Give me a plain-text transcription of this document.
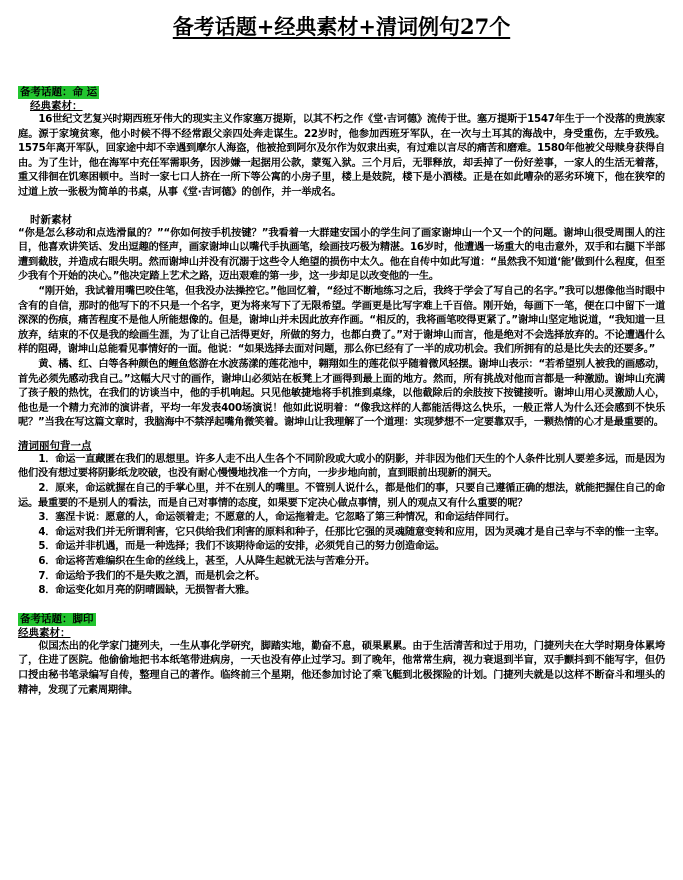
备考话题+经典素材+清词例句27个
备考话题：命 运
经典素材：

16世纪文艺复兴时期西班牙伟大的现实主义作家塞万提斯，以其不朽之作《堂·吉诃德》流传于世。塞万提斯于1547年生于一个没落的贵族家庭。源于家境贫寒，他小时候不得不经常跟父亲四处奔走谋生。22岁时，他参加西班牙军队，在一次与土耳其的海战中，身受重伤，左手致残。1575年离开军队，回家途中却不幸遇到摩尔人海盗，他被抢到阿尔及尔作为奴隶出卖，有过难以言尽的痛苦和磨难。1580年他被父母赎身获得自由。为了生计，他在海军中充任军需职务，因涉嫌一起据用公款，蒙冤入狱。三个月后，无罪释放，却丢掉了一份好差事，一家人的生活无着落，重又徘徊在饥寒困顿中。当时一家七口人挤在一所下等公寓的小房子里，楼上是妓院，楼下是小酒楼。正是在如此嘈杂的恶劣环境下，他在狭窄的过道上放一张极为简单的书桌，从事《堂·吉诃德》的创作，并一举成名。

时新素材

“你是怎么移动和点选滑鼠的？”“你如何按手机按键？”我看着一大群建安国小的学生问了画家谢坤山一个又一个的问题。谢坤山很受周围人的注目，他喜欢讲笑话、发出逗趣的怪声，画家谢坤山以嘴代手执画笔，绘画技巧极为精湛。16岁时，他遭遇一场重大的电击意外，双手和右腿下半部遭到截肢，并造成右眼失明。然而谢坤山并没有沉溺于这些令人绝望的损伤中太久。他在自传中如此写道：“虽然我不知道‘能’做到什么程度，但至少我有个开始的决心。”他决定踏上艺术之路，迈出艰难的第一步，这一步却足以改变他的一生。

“刚开始，我试着用嘴巴咬住笔，但我没办法操控它。”他回忆着，“经过不断地练习之后，我终于学会了写自己的名字。”我可以想像他当时眼中含有的自信，那时的他写下的不只是一个名字，更为将来写下了无限希望。学画更是比写字难上千百倍。刚开始，每画下一笔，便在口中留下一道深深的伤痕，痛苦程度不是他人所能想像的。但是，谢坤山并未因此放弃作画。“相反的，我将画笔咬得更紧了。”谢坤山坚定地说道，“我知道一旦放弃，结束的不仅是我的绘画生涯，为了让自己活得更好，所做的努力，也都白费了。”对于谢坤山而言，他是绝对不会选择放弃的。不论遭遇什么样的阻碍，谢坤山总能看见事情好的一面。他说：“如果选择去面对问题，那么你已经有了一半的成功机会。我们所拥有的总是比失去的还要多。”

黄、橘、红、白等各种颜色的鲤鱼悠游在水波荡漾的莲花池中，翱翔如生的莲花似乎随着微风轻摆。谢坤山表示：“若希望别人被我的画感动，首先必须先感动我自己。”这幅大尺寸的画作，谢坤山必须站在板凳上才画得到最上面的地方。然而，所有挑战对他而言都是一种激励。谢坤山充满了孩子般的热忱，在我们的访谈当中，他的手机响起。只见他敏捷地将手机推到桌缘，以他截除后的余肢按下按键接听。谢坤山用心灵激励人心，他也是一个精力充沛的演讲者，平均一年发表400场演说！他如此说明着：“像我这样的人都能活得这么快乐，一般正常人为什么还会感到不快乐呢？”当我在写这篇文章时，我脑海中不禁浮起嘴角微笑着。谢坤山让我理解了一个道理：实现梦想不一定要靠双手，一颗热情的心才是最重要的。

清词丽句背一点

1．命运一直藏匿在我们的思想里。许多人走不出人生各个不同阶段或大或小的阴影，并非因为他们天生的个人条件比别人要差多远，而是因为他们没有想过要将阴影纸龙咬破，也没有耐心慢慢地找准一个方向，一步步地向前，直到眼前出现新的洞天。

2．原来，命运就握在自己的手掌心里，并不在别人的嘴里。不管别人说什么，都是他们的事，只要自己遵循正确的想法，就能把握住自己的命运。最重要的不是别人的看法，而是自己对事情的态度，如果要下定决心做点事情，别人的观点又有什么重要的呢？

3．塞涅卡说：愿意的人，命运领着走；不愿意的人，命运拖着走。它忽略了第三种情况，和命运结伴同行。

4．命运对我们并无所谓利害，它只供给我们利害的原料和种子，任那比它强的灵魂随意变转和应用，因为灵魂才是自己幸与不幸的惟一主宰。

5．命运并非机遇，而是一种选择；我们不该期待命运的安排，必须凭自己的努力创造命运。

6．命运将苦难编织在生命的丝线上，甚至，人从降生起就无法与苦难分开。

7．命运给予我们的不是失败之酒，而是机会之杯。

8．命运变化如月亮的阴晴圆缺，无损智者大雅。

备考话题：脚印
经典素材：

似国杰出的化学家门捷列夫，一生从事化学研究，脚踏实地，勤奋不息，硕果累累。由于生活清苦和过于用功，门捷列夫在大学时期身体累垮了，住进了医院。他偷偷地把书本纸笔带进病房，一天也没有停止过学习。到了晚年，他常常生病，视力衰退到半盲，双手颤抖到不能写字，但仍口授由秘书笔录编写自传，整理自己的著作。临终前三个星期，他还参加讨论了乘飞艇到北极探险的计划。门捷列夫就是以这样不断奋斗和埋头的精神，发现了元素周期律。
